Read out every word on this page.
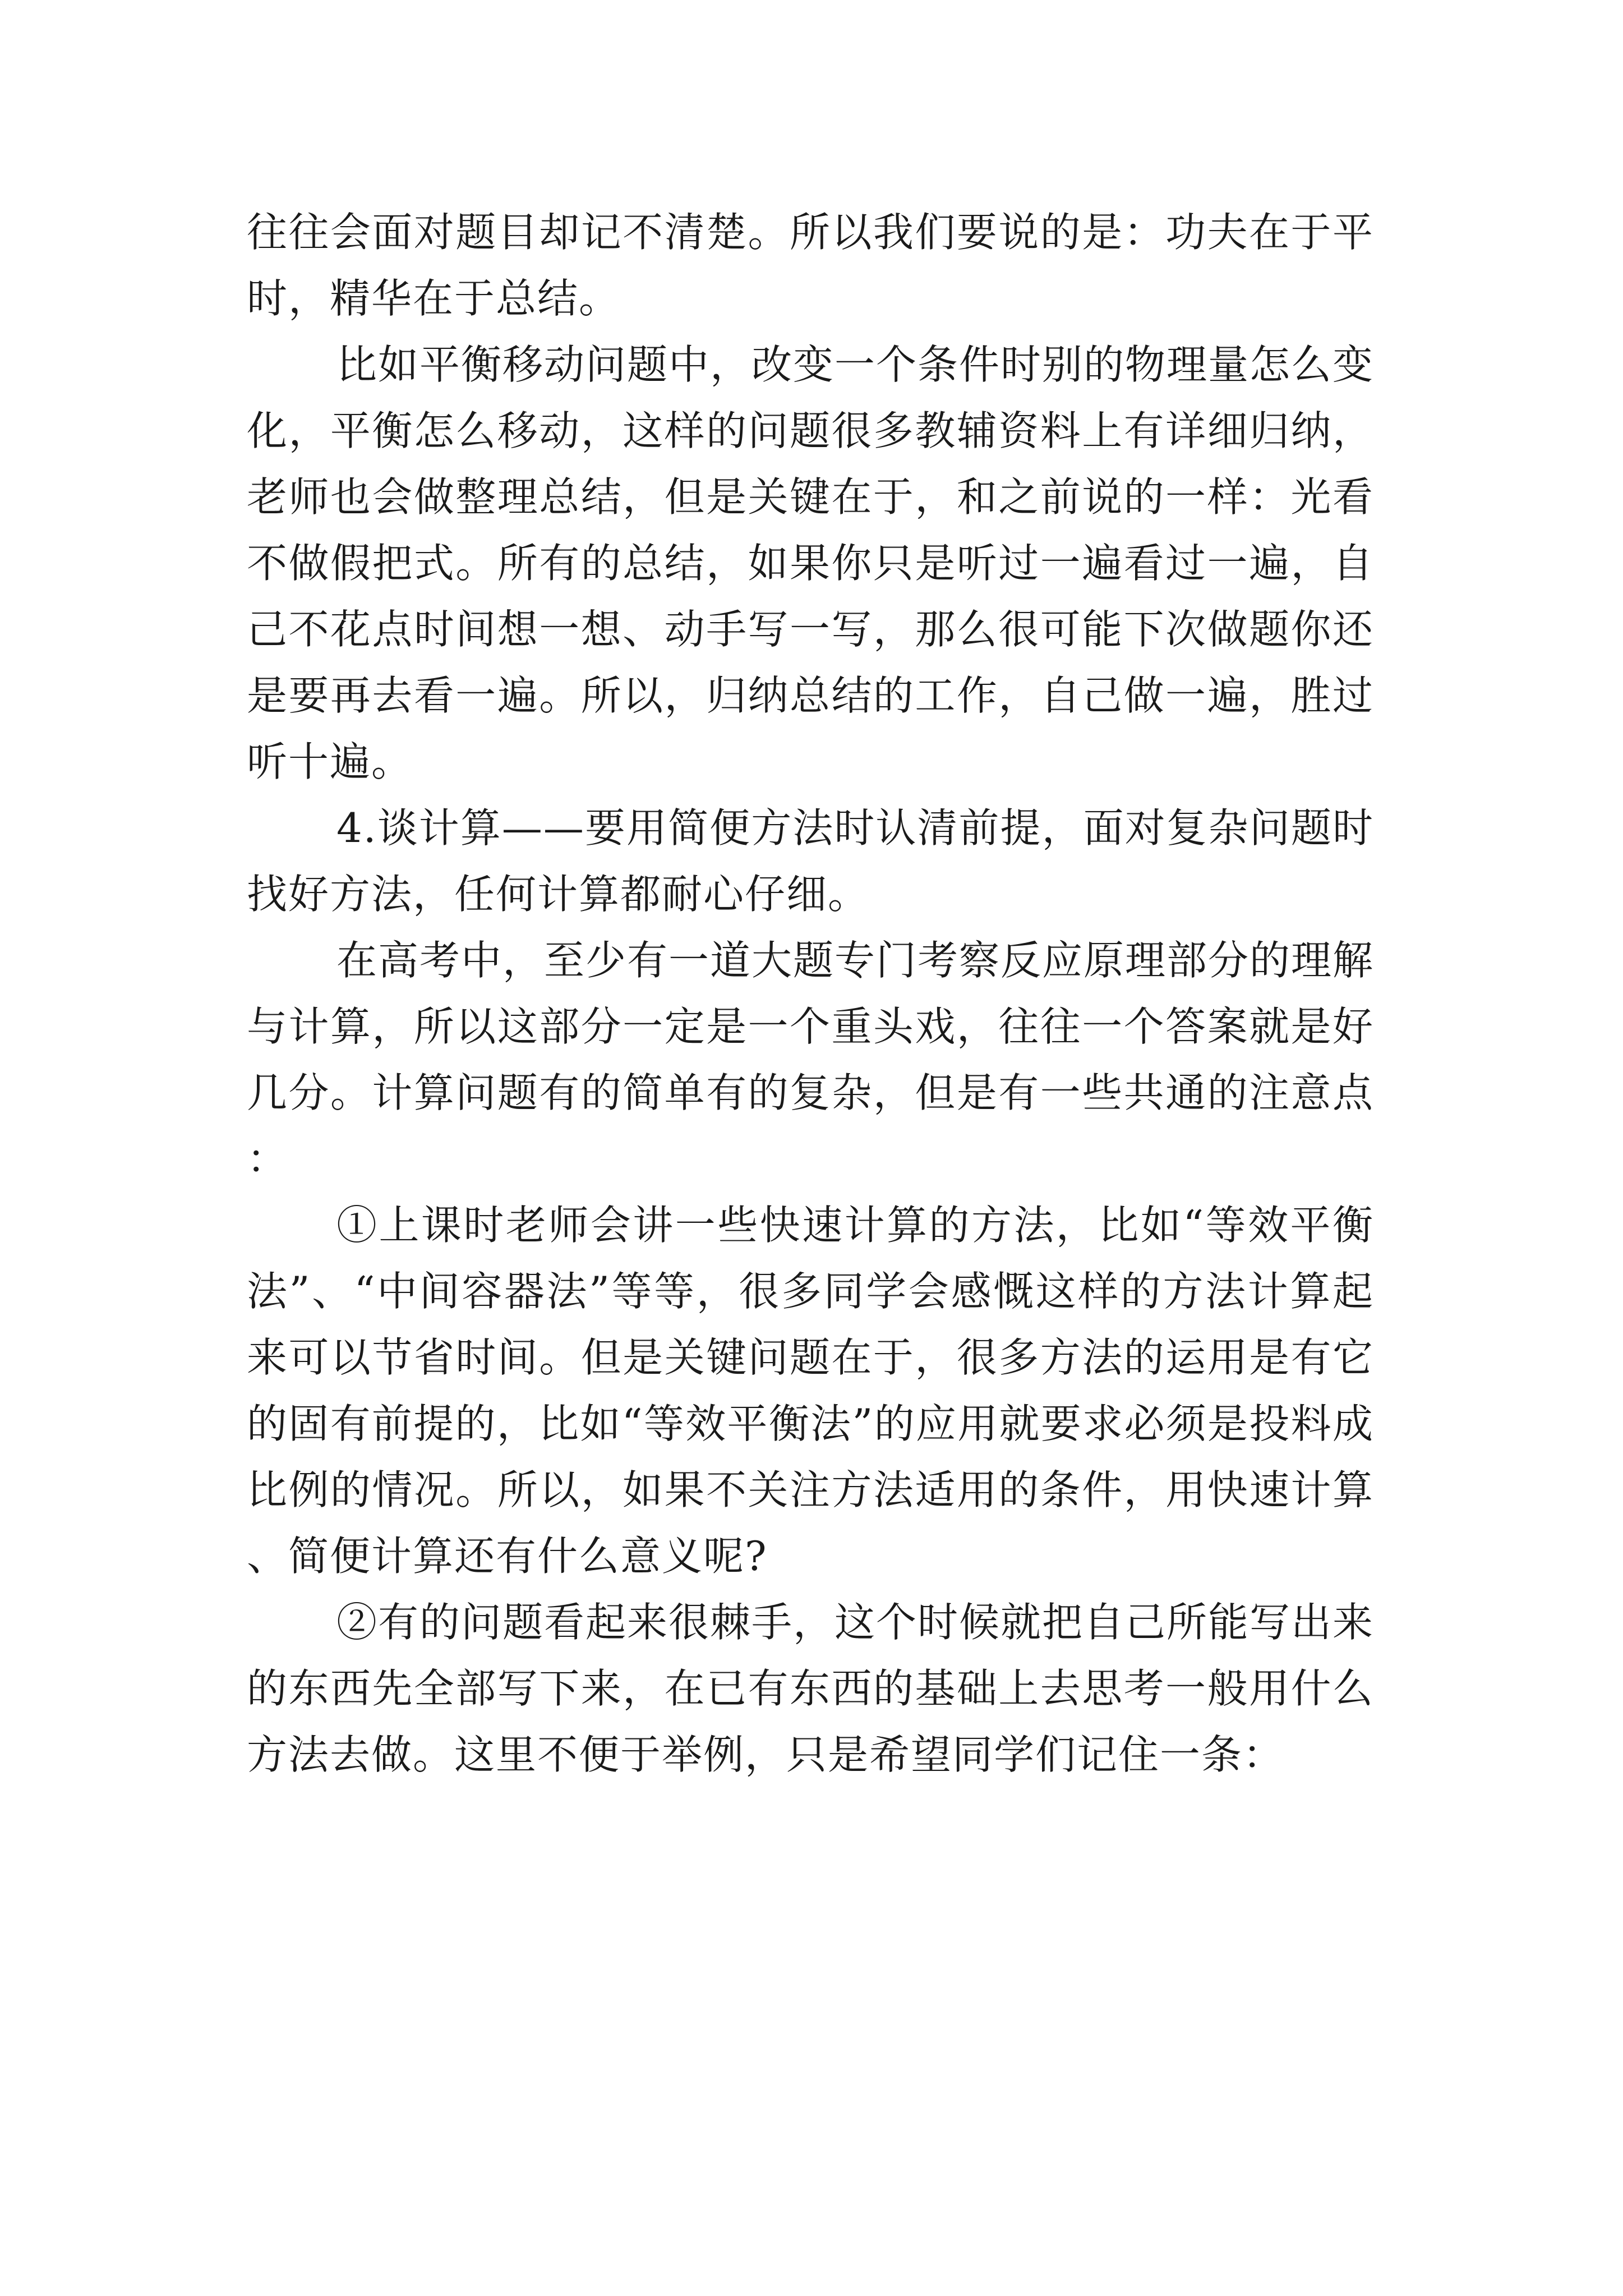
往往会面对题目却记不清楚。所以我们要说的是：功夫在于平时，精华在于总结。

比如平衡移动问题中，改变一个条件时别的物理量怎么变化，平衡怎么移动，这样的问题很多教辅资料上有详细归纳，老师也会做整理总结，但是关键在于，和之前说的一样：光看不做假把式。所有的总结，如果你只是听过一遍看过一遍，自己不花点时间想一想、动手写一写，那么很可能下次做题你还是要再去看一遍。所以，归纳总结的工作，自己做一遍，胜过听十遍。

4.谈计算——要用简便方法时认清前提，面对复杂问题时找好方法，任何计算都耐心仔细。

在高考中，至少有一道大题专门考察反应原理部分的理解与计算，所以这部分一定是一个重头戏，往往一个答案就是好几分。计算问题有的简单有的复杂，但是有一些共通的注意点：

①上课时老师会讲一些快速计算的方法，比如“等效平衡法”、“中间容器法”等等，很多同学会感慨这样的方法计算起来可以节省时间。但是关键问题在于，很多方法的运用是有它的固有前提的，比如“等效平衡法”的应用就要求必须是投料成比例的情况。所以，如果不关注方法适用的条件，用快速计算、简便计算还有什么意义呢?

②有的问题看起来很棘手，这个时候就把自己所能写出来的东西先全部写下来，在已有东西的基础上去思考一般用什么方法去做。这里不便于举例，只是希望同学们记住一条：
